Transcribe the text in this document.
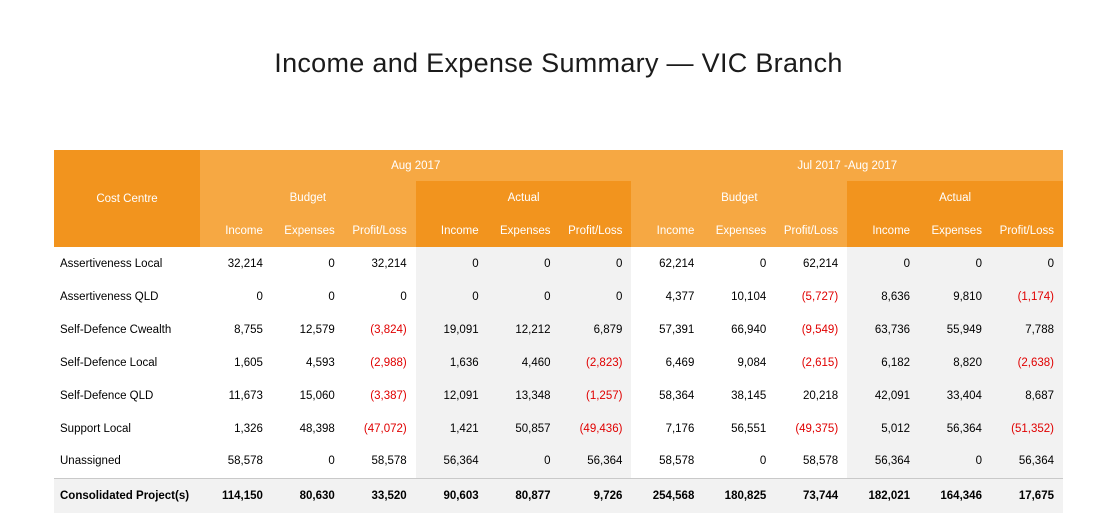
Income and Expense Summary — VIC Branch
Cost Centre	Aug 2017						Jul 2017 -Aug 2017					
	Budget			Actual			Budget			Actual		
	Income	Expenses	Profit/Loss	Income	Expenses	Profit/Loss	Income	Expenses	Profit/Loss	Income	Expenses	Profit/Loss
Assertiveness Local	32,214	0	32,214	0	0	0	62,214	0	62,214	0	0	0
Assertiveness QLD	0	0	0	0	0	0	4,377	10,104	(5,727)	8,636	9,810	(1,174)
Self-Defence Cwealth	8,755	12,579	(3,824)	19,091	12,212	6,879	57,391	66,940	(9,549)	63,736	55,949	7,788
Self-Defence Local	1,605	4,593	(2,988)	1,636	4,460	(2,823)	6,469	9,084	(2,615)	6,182	8,820	(2,638)
Self-Defence QLD	11,673	15,060	(3,387)	12,091	13,348	(1,257)	58,364	38,145	20,218	42,091	33,404	8,687
Support Local	1,326	48,398	(47,072)	1,421	50,857	(49,436)	7,176	56,551	(49,375)	5,012	56,364	(51,352)
Unassigned	58,578	0	58,578	56,364	0	56,364	58,578	0	58,578	56,364	0	56,364
Consolidated Project(s)	114,150	80,630	33,520	90,603	80,877	9,726	254,568	180,825	73,744	182,021	164,346	17,675
